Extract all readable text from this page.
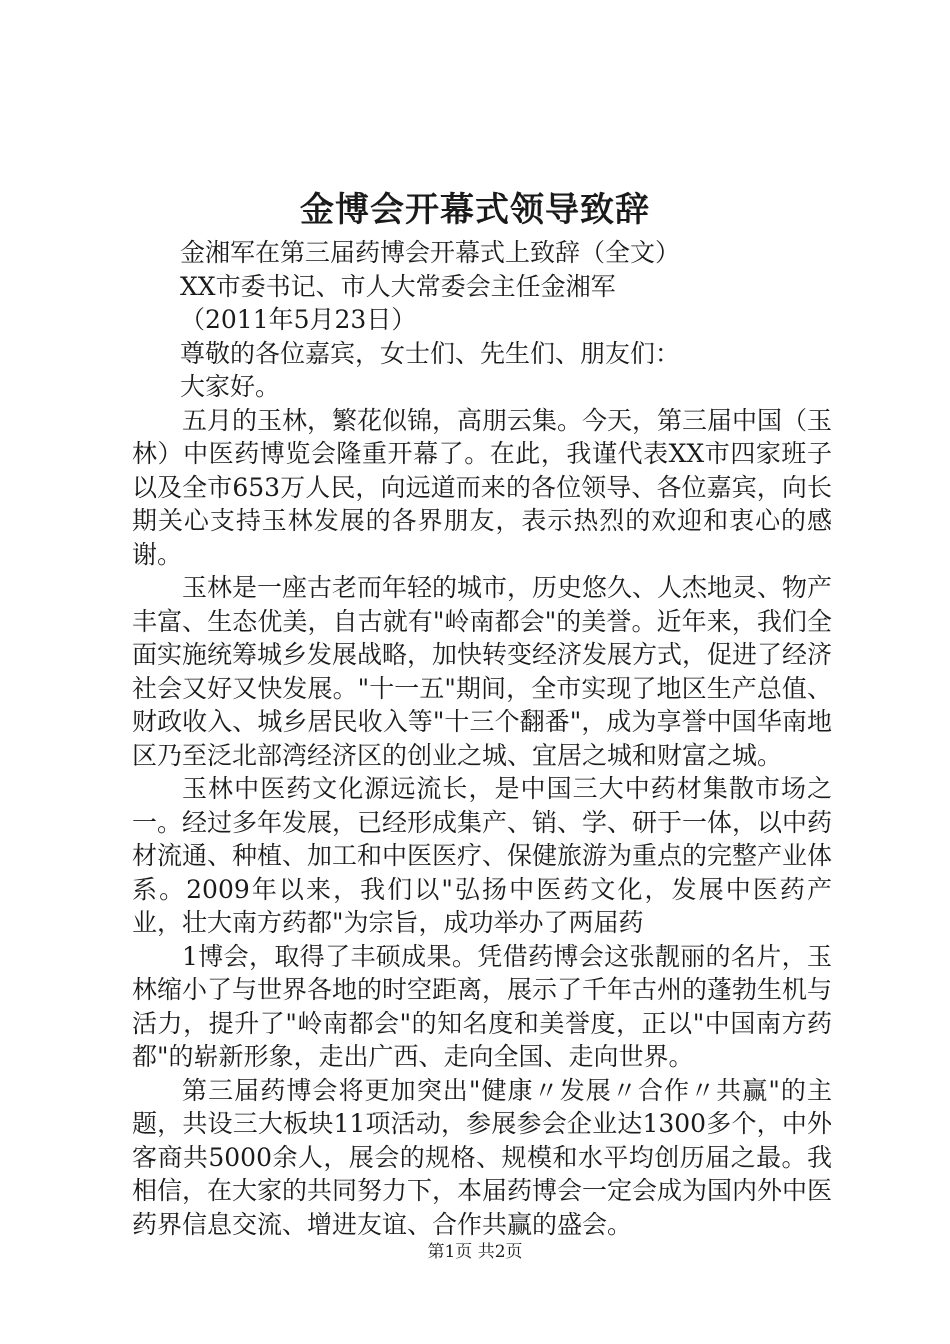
金博会开幕式领导致辞
金湘军在第三届药博会开幕式上致辞（全文）
XX市委书记、市人大常委会主任金湘军
（2011年5月23日）
尊敬的各位嘉宾，女士们、先生们、朋友们：
大家好。
五月的玉林，繁花似锦，高朋云集。今天，第三届中国（玉林）中医药博览会隆重开幕了。在此，我谨代表XX市四家班子以及全市653万人民，向远道而来的各位领导、各位嘉宾，向长期关心支持玉林发展的各界朋友，表示热烈的欢迎和衷心的感谢。
玉林是一座古老而年轻的城市，历史悠久、人杰地灵、物产丰富、生态优美，自古就有"岭南都会"的美誉。近年来，我们全面实施统筹城乡发展战略，加快转变经济发展方式，促进了经济社会又好又快发展。"十一五"期间，全市实现了地区生产总值、财政收入、城乡居民收入等"十三个翻番"，成为享誉中国华南地区乃至泛北部湾经济区的创业之城、宜居之城和财富之城。
玉林中医药文化源远流长，是中国三大中药材集散市场之一。经过多年发展，已经形成集产、销、学、研于一体，以中药材流通、种植、加工和中医医疗、保健旅游为重点的完整产业体系。2009年以来，我们以"弘扬中医药文化，发展中医药产业，壮大南方药都"为宗旨，成功举办了两届药
1博会，取得了丰硕成果。凭借药博会这张靓丽的名片，玉林缩小了与世界各地的时空距离，展示了千年古州的蓬勃生机与活力，提升了"岭南都会"的知名度和美誉度，正以"中国南方药都"的崭新形象，走出广西、走向全国、走向世界。
第三届药博会将更加突出"健康〃发展〃合作〃共赢"的主题，共设三大板块11项活动，参展参会企业达1300多个，中外客商共5000余人，展会的规格、规模和水平均创历届之最。我相信，在大家的共同努力下，本届药博会一定会成为国内外中医药界信息交流、增进友谊、合作共赢的盛会。
第1页 共2页
